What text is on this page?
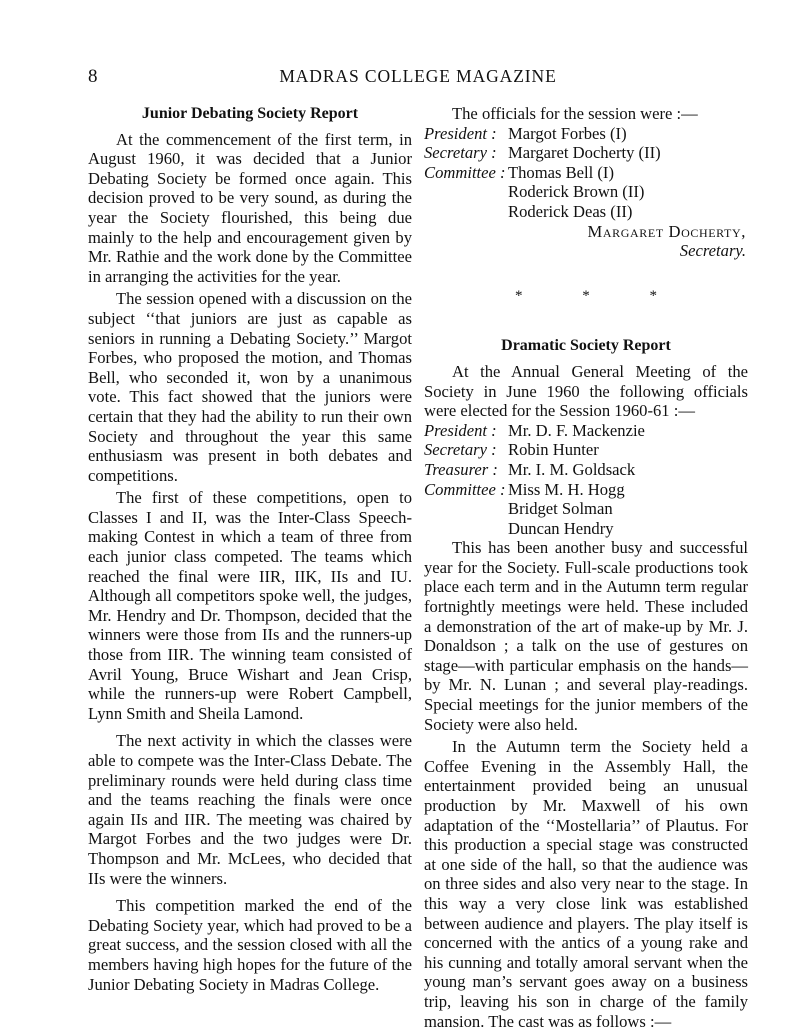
8	MADRAS COLLEGE MAGAZINE
Junior Debating Society Report

At the commencement of the first term, in August 1960, it was decided that a Junior Debating Society be formed once again. This decision proved to be very sound, as during the year the Society flourished, this being due mainly to the help and encouragement given by Mr. Rathie and the work done by the Committee in arranging the activities for the year.

The session opened with a discussion on the subject ‘‘that juniors are just as capable as seniors in running a Debating Society.’’ Margot Forbes, who proposed the motion, and Thomas Bell, who seconded it, won by a unanimous vote. This fact showed that the juniors were certain that they had the ability to run their own Society and throughout the year this same enthusiasm was present in both debates and competitions.

The first of these competitions, open to Classes I and II, was the Inter-Class Speech-making Contest in which a team of three from each junior class competed. The teams which reached the final were IIR, IIK, IIs and IU. Although all competitors spoke well, the judges, Mr. Hendry and Dr. Thompson, decided that the winners were those from IIs and the runners-up those from IIR. The winning team consisted of Avril Young, Bruce Wishart and Jean Crisp, while the runners-up were Robert Campbell, Lynn Smith and Sheila Lamond.

The next activity in which the classes were able to compete was the Inter-Class Debate. The preliminary rounds were held during class time and the teams reaching the finals were once again IIs and IIR. The meeting was chaired by Margot Forbes and the two judges were Dr. Thompson and Mr. McLees, who decided that IIs were the winners.

This competition marked the end of the Debating Society year, which had proved to be a great success, and the session closed with all the members having high hopes for the future of the Junior Debating Society in Madras College.

The officials for the session were :—

President : Margot Forbes (I)
Secretary : Margaret Docherty (II)
Committee : Thomas Bell (I)
Roderick Brown (II)
Roderick Deas (II)
Margaret Docherty,
Secretary.
* * *
Dramatic Society Report

At the Annual General Meeting of the Society in June 1960 the following officials were elected for the Session 1960-61 :—

President : Mr. D. F. Mackenzie
Secretary : Robin Hunter
Treasurer : Mr. I. M. Goldsack
Committee : Miss M. H. Hogg
Bridget Solman
Duncan Hendry

This has been another busy and successful year for the Society. Full-scale productions took place each term and in the Autumn term regular fortnightly meetings were held. These included a demonstration of the art of make-up by Mr. J. Donaldson ; a talk on the use of gestures on stage—with particular emphasis on the hands—by Mr. N. Lunan ; and several play-readings. Special meetings for the junior members of the Society were also held.

In the Autumn term the Society held a Coffee Evening in the Assembly Hall, the entertainment provided being an unusual production by Mr. Maxwell of his own adaptation of the ‘‘Mostellaria’’ of Plautus. For this production a special stage was constructed at one side of the hall, so that the audience was on three sides and also very near to the stage. In this way a very close link was established between audience and players. The play itself is concerned with the antics of a young rake and his cunning and totally amoral servant when the young man’s servant goes away on a business trip, leaving his son in charge of the family mansion. The cast was as follows :—
